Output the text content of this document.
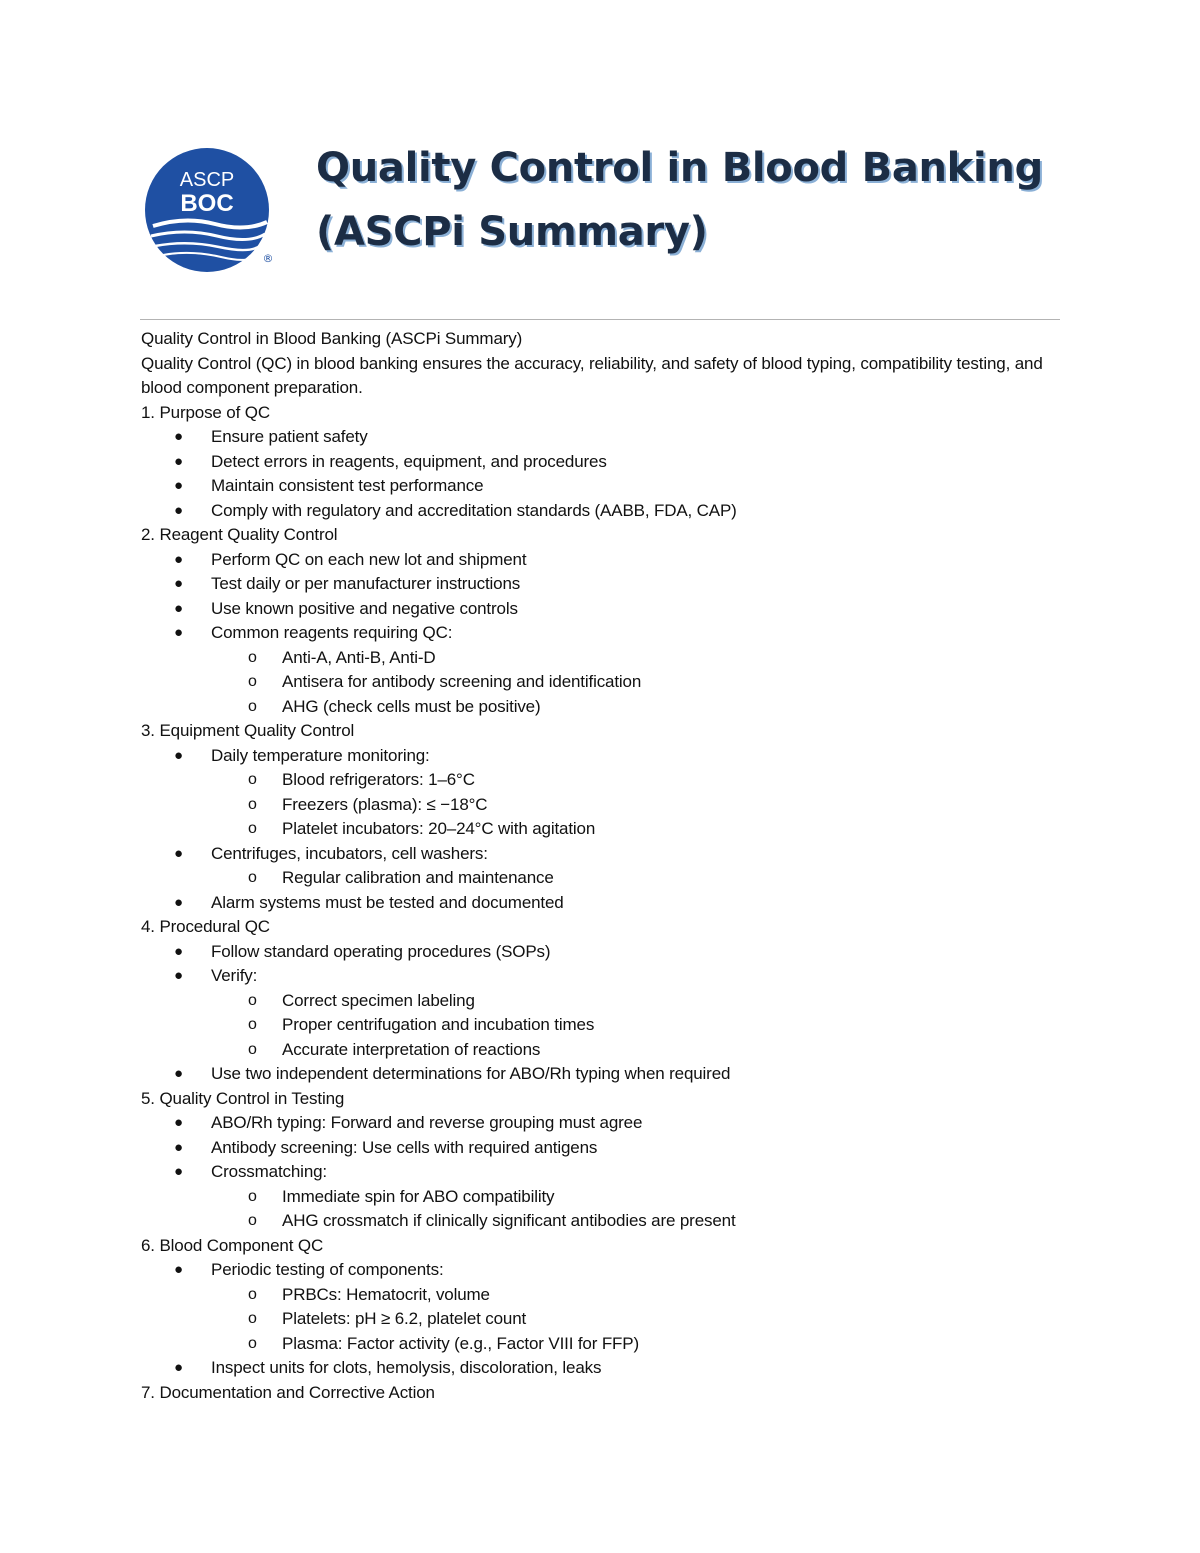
ASCP
BOC
®
Quality Control in Blood Banking
(ASCPi Summary)

Quality Control in Blood Banking (ASCPi Summary)

Quality Control (QC) in blood banking ensures the accuracy, reliability, and safety of blood typing, compatibility testing, and blood component preparation.

1. Purpose of QC

● Ensure patient safety
● Detect errors in reagents, equipment, and procedures
● Maintain consistent test performance
● Comply with regulatory and accreditation standards (AABB, FDA, CAP)

2. Reagent Quality Control

● Perform QC on each new lot and shipment
● Test daily or per manufacturer instructions
● Use known positive and negative controls
● Common reagents requiring QC:
o Anti-A, Anti-B, Anti-D
o Antisera for antibody screening and identification
o AHG (check cells must be positive)

3. Equipment Quality Control

● Daily temperature monitoring:
o Blood refrigerators: 1–6°C
o Freezers (plasma): ≤ −18°C
o Platelet incubators: 20–24°C with agitation
● Centrifuges, incubators, cell washers:
o Regular calibration and maintenance
● Alarm systems must be tested and documented

4. Procedural QC

● Follow standard operating procedures (SOPs)
● Verify:
o Correct specimen labeling
o Proper centrifugation and incubation times
o Accurate interpretation of reactions
● Use two independent determinations for ABO/Rh typing when required

5. Quality Control in Testing

● ABO/Rh typing: Forward and reverse grouping must agree
● Antibody screening: Use cells with required antigens
● Crossmatching:
o Immediate spin for ABO compatibility
o AHG crossmatch if clinically significant antibodies are present

6. Blood Component QC

● Periodic testing of components:
o PRBCs: Hematocrit, volume
o Platelets: pH ≥ 6.2, platelet count
o Plasma: Factor activity (e.g., Factor VIII for FFP)
● Inspect units for clots, hemolysis, discoloration, leaks

7. Documentation and Corrective Action
